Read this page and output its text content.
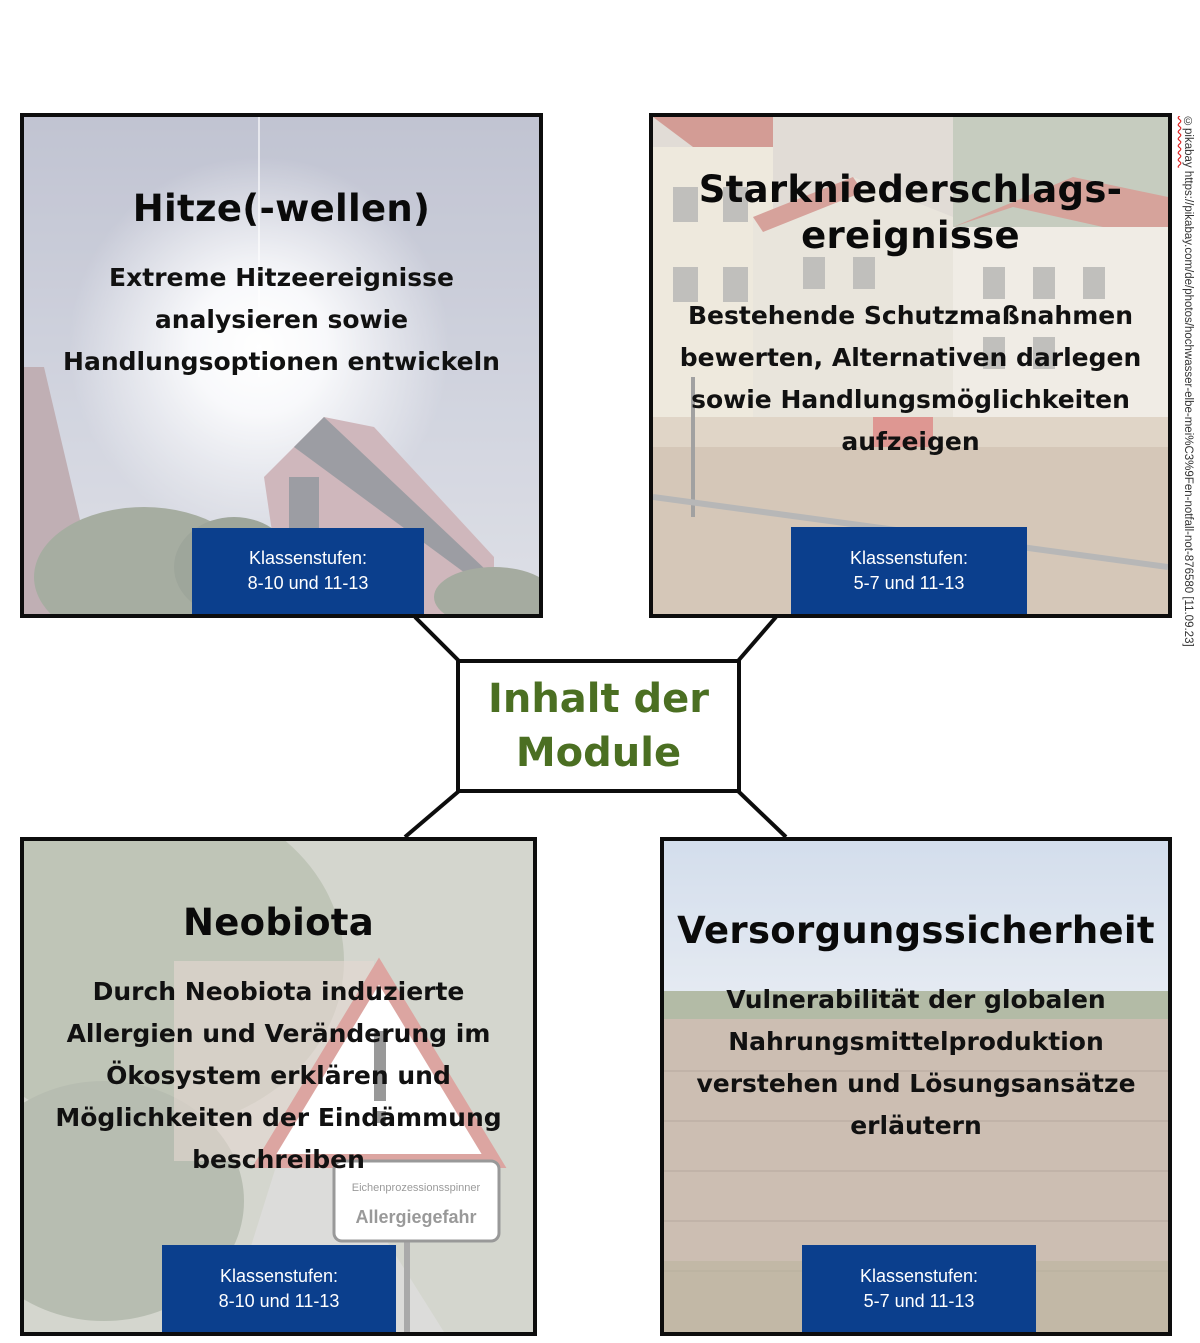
Hitze(-wellen)
Extreme Hitzeereignisse
analysieren sowie
Handlungsoptionen entwickeln
Klassenstufen:
8-10 und 11-13
Starkniederschlags-
ereignisse
Bestehende Schutzmaßnahmen
bewerten, Alternativen darlegen
sowie Handlungsmöglichkeiten
aufzeigen
Klassenstufen:
5-7 und 11-13
Neobiota
Durch Neobiota induzierte
Allergien und Veränderung im
Ökosystem erklären und
Möglichkeiten der Eindämmung
beschreiben
Klassenstufen:
8-10 und 11-13
Versorgungssicherheit
Vulnerabilität der globalen
Nahrungsmittelproduktion
verstehen und Lösungsansätze
erläutern
Klassenstufen:
5-7 und 11-13
Inhalt der
Module
©pikabay https://pikabay.com/de/photos/hochwasser-elbe-mei%C3%9Fen-notfall-not-876580 [11.09.23]
